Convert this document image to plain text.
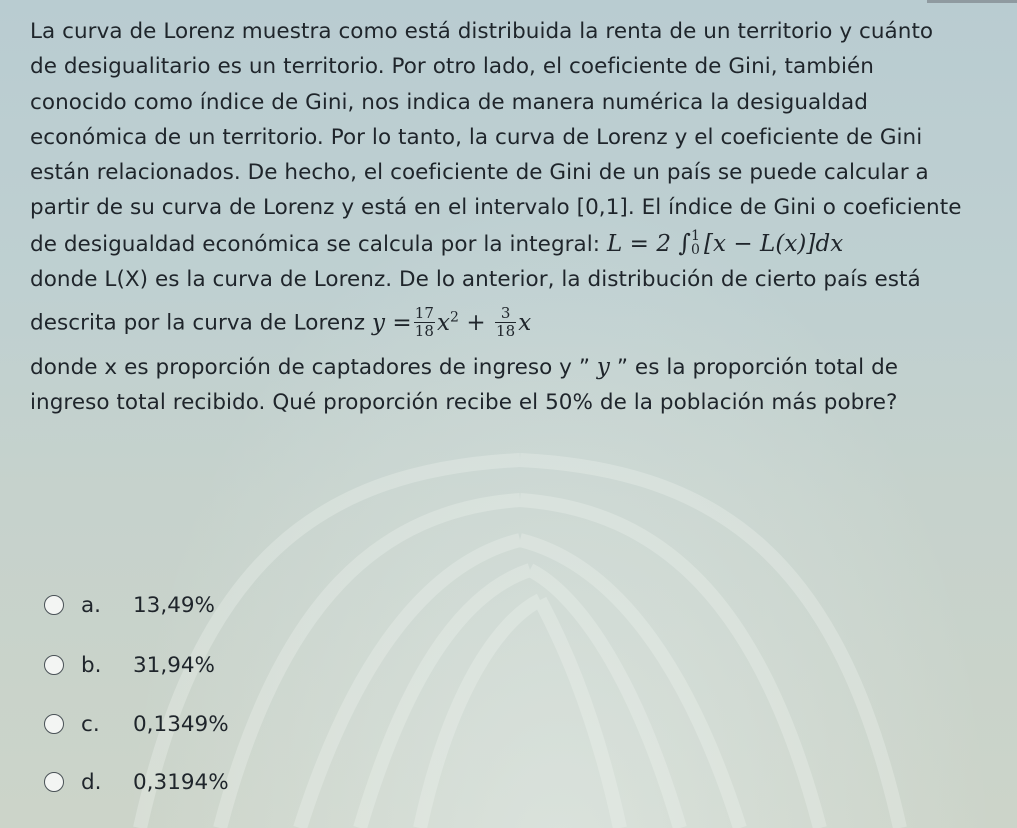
La curva de Lorenz muestra como está distribuida la renta de un territorio y cuánto
de desigualitario es un territorio. Por otro lado, el coeficiente de Gini, también
conocido como índice de Gini, nos indica de manera numérica la desigualdad
económica de un territorio. Por lo tanto, la curva de Lorenz y el coeficiente de Gini
están relacionados. De hecho, el coeficiente de Gini de un país se puede calcular a
partir de su curva de Lorenz y está en el intervalo [0,1]. El índice de Gini o coeficiente
de desigualdad económica se calcula por la integral: L = 2 ∫ 1
0 [x − L(x)]dx
donde L(X) es la curva de Lorenz. De lo anterior, la distribución de cierto país está
descrita por la curva de Lorenz $y = \frac{17}{18} x^2 + \frac{3}{18}$ x
donde x es proporción de captadores de ingreso y ” y ” es la proporción total de
ingreso total recibido. Qué proporción recibe el 50% de la población más pobre?
a.	13,49%
b.	31,94%
c.	0,1349%
d.	0,3194%
